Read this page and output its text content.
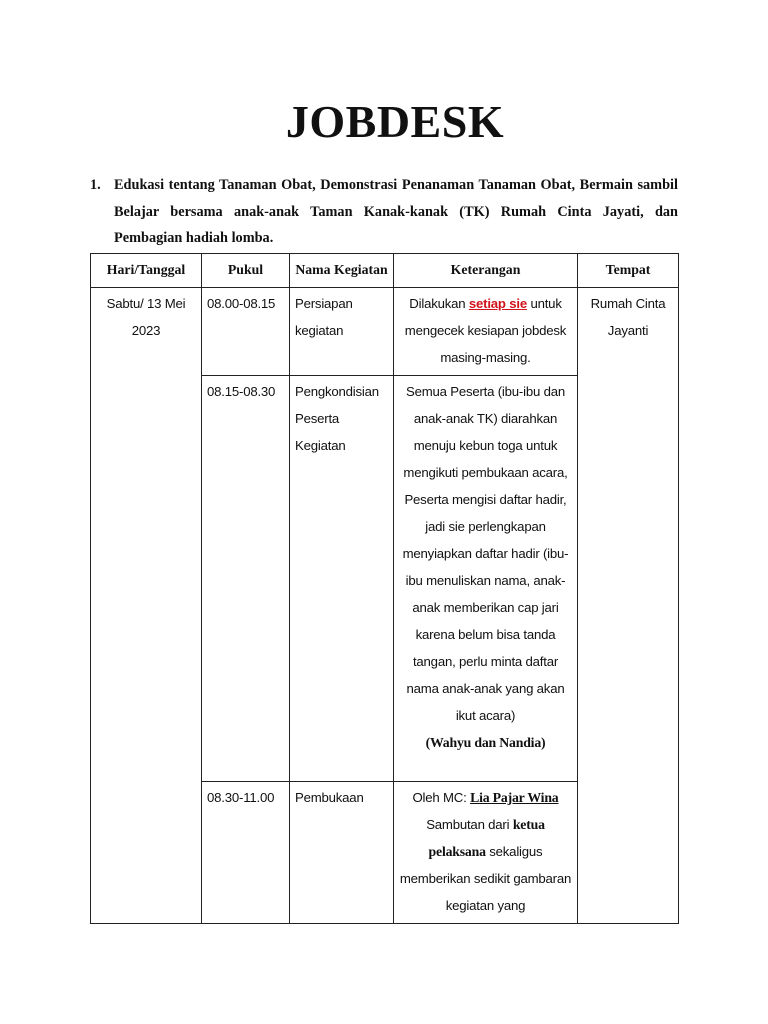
JOBDESK
1. Edukasi tentang Tanaman Obat, Demonstrasi Penanaman Tanaman Obat, Bermain sambil Belajar bersama anak-anak Taman Kanak-kanak (TK) Rumah Cinta Jayati, dan Pembagian hadiah lomba.
Hari/Tanggal	Pukul	Nama Kegiatan	Keterangan	Tempat
Sabtu/ 13 Mei 2023	08.00-08.15	Persiapan kegiatan	Dilakukan setiap sie untuk mengecek kesiapan jobdesk masing-masing.	Rumah Cinta Jayanti
	08.15-08.30	Pengkondisian Peserta Kegiatan	Semua Peserta (ibu-ibu dan anak-anak TK) diarahkan menuju kebun toga untuk mengikuti pembukaan acara, Peserta mengisi daftar hadir, jadi sie perlengkapan menyiapkan daftar hadir (ibu-ibu menuliskan nama, anak-anak memberikan cap jari karena belum bisa tanda tangan, perlu minta daftar nama anak-anak yang akan ikut acara)
(Wahyu dan Nandia)	
	08.30-11.00	Pembukaan	Oleh MC: Lia Pajar Wina Sambutan dari ketua pelaksana sekaligus memberikan sedikit gambaran kegiatan yang	
